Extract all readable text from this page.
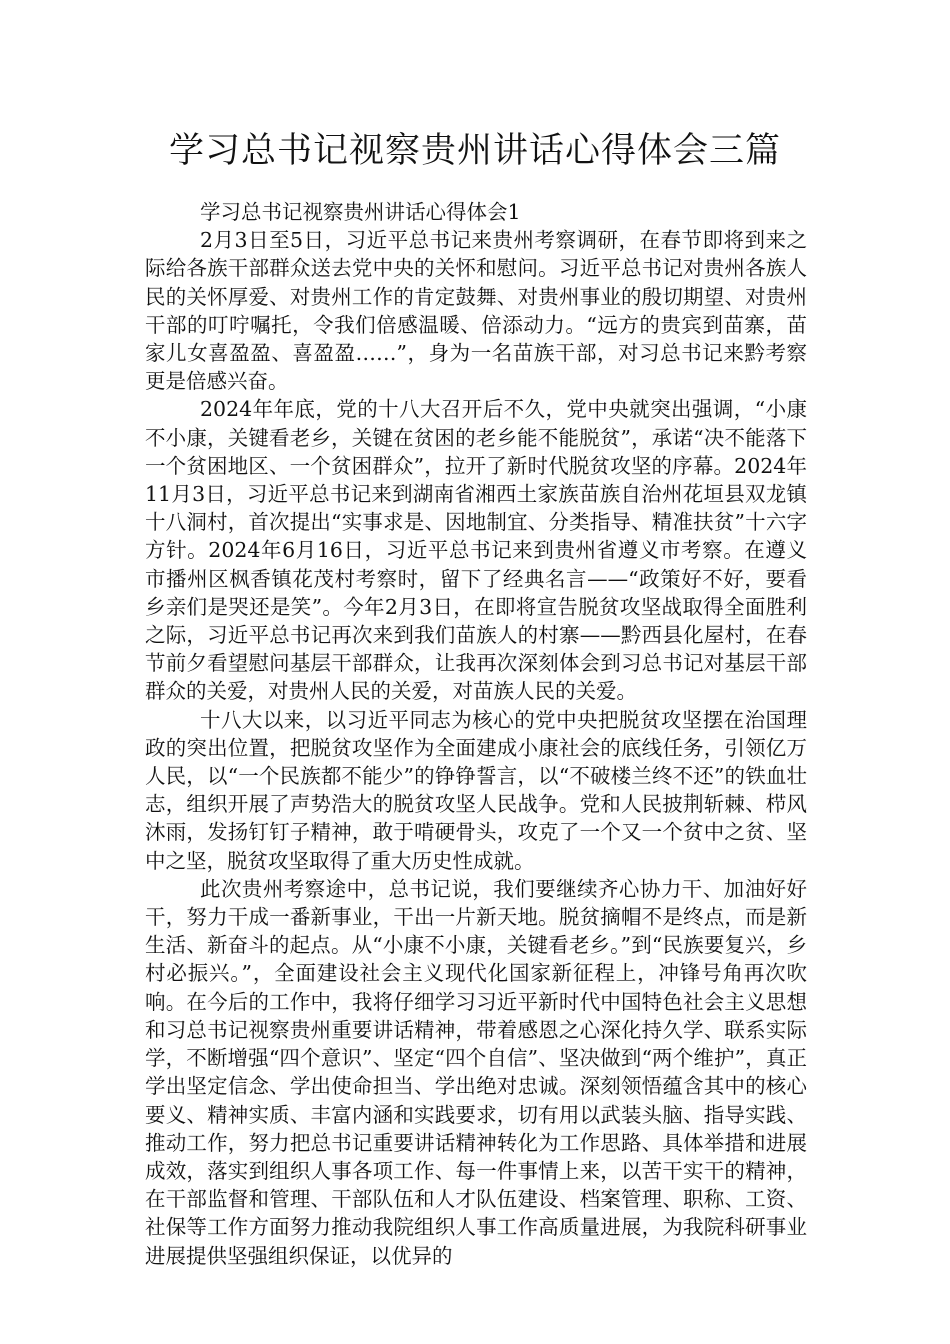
学习总书记视察贵州讲话心得体会三篇

学习总书记视察贵州讲话心得体会1

2月3日至5日，习近平总书记来贵州考察调研，在春节即将到来之际给各族干部群众送去党中央的关怀和慰问。习近平总书记对贵州各族人民的关怀厚爱、对贵州工作的肯定鼓舞、对贵州事业的殷切期望、对贵州干部的叮咛嘱托，令我们倍感温暖、倍添动力。“远方的贵宾到苗寨，苗家儿女喜盈盈、喜盈盈……”，身为一名苗族干部，对习总书记来黔考察更是倍感兴奋。

2024年年底，党的十八大召开后不久，党中央就突出强调，“小康不小康，关键看老乡，关键在贫困的老乡能不能脱贫”，承诺“决不能落下一个贫困地区、一个贫困群众”，拉开了新时代脱贫攻坚的序幕。2024年11月3日，习近平总书记来到湖南省湘西土家族苗族自治州花垣县双龙镇十八洞村，首次提出“实事求是、因地制宜、分类指导、精准扶贫”十六字方针。2024年6月16日，习近平总书记来到贵州省遵义市考察。在遵义市播州区枫香镇花茂村考察时，留下了经典名言——“政策好不好，要看乡亲们是哭还是笑”。今年2月3日，在即将宣告脱贫攻坚战取得全面胜利之际，习近平总书记再次来到我们苗族人的村寨——黔西县化屋村，在春节前夕看望慰问基层干部群众，让我再次深刻体会到习总书记对基层干部群众的关爱，对贵州人民的关爱，对苗族人民的关爱。

十八大以来，以习近平同志为核心的党中央把脱贫攻坚摆在治国理政的突出位置，把脱贫攻坚作为全面建成小康社会的底线任务，引领亿万人民，以“一个民族都不能少”的铮铮誓言，以“不破楼兰终不还”的铁血壮志，组织开展了声势浩大的脱贫攻坚人民战争。党和人民披荆斩棘、栉风沐雨，发扬钉钉子精神，敢于啃硬骨头，攻克了一个又一个贫中之贫、坚中之坚，脱贫攻坚取得了重大历史性成就。

此次贵州考察途中，总书记说，我们要继续齐心协力干、加油好好干，努力干成一番新事业，干出一片新天地。脱贫摘帽不是终点，而是新生活、新奋斗的起点。从“小康不小康，关键看老乡。”到“民族要复兴，乡村必振兴。”，全面建设社会主义现代化国家新征程上，冲锋号角再次吹响。在今后的工作中，我将仔细学习习近平新时代中国特色社会主义思想和习总书记视察贵州重要讲话精神，带着感恩之心深化持久学、联系实际学，不断增强“四个意识”、坚定“四个自信”、坚决做到“两个维护”，真正学出坚定信念、学出使命担当、学出绝对忠诚。深刻领悟蕴含其中的核心要义、精神实质、丰富内涵和实践要求，切有用以武装头脑、指导实践、推动工作，努力把总书记重要讲话精神转化为工作思路、具体举措和进展成效，落实到组织人事各项工作、每一件事情上来，以苦干实干的精神，在干部监督和管理、干部队伍和人才队伍建设、档案管理、职称、工资、社保等工作方面努力推动我院组织人事工作高质量进展，为我院科研事业进展提供坚强组织保证，以优异的
